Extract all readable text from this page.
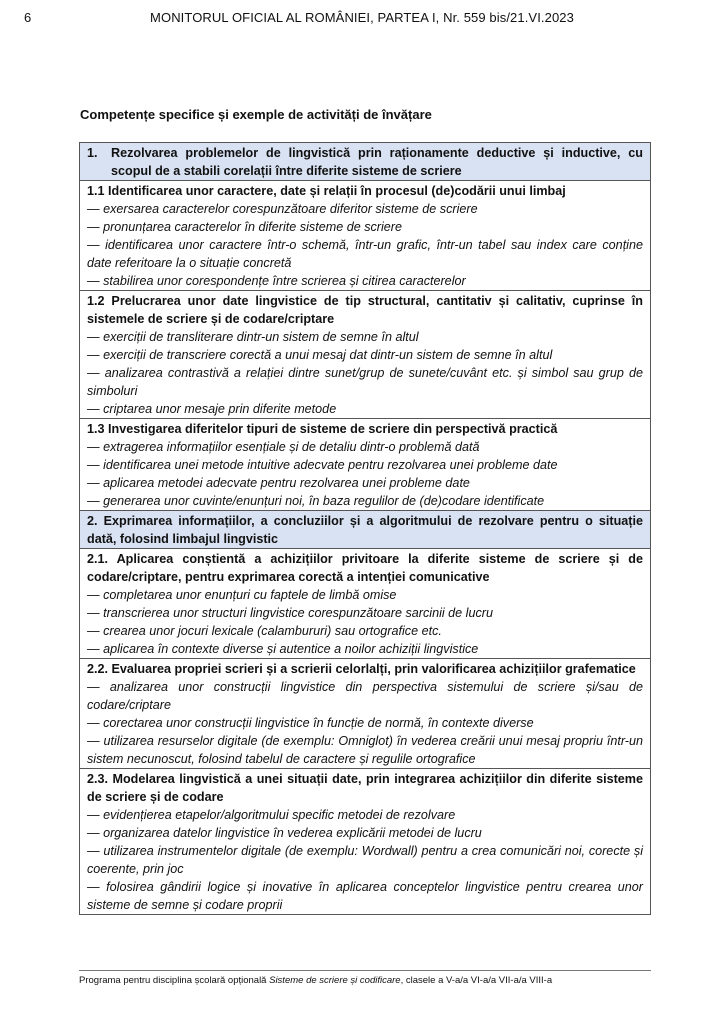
6	MONITORUL OFICIAL AL ROMÂNIEI, PARTEA I, Nr. 559 bis/21.VI.2023
Competențe specifice și exemple de activități de învățare
1.	Rezolvarea problemelor de lingvistică prin raționamente deductive și inductive, cu scopul de a stabili corelații între diferite sisteme de scriere
1.1 Identificarea unor caractere, date și relații în procesul (de)codării unui limbaj
— exersarea caracterelor corespunzătoare diferitor sisteme de scriere
— pronunțarea caracterelor în diferite sisteme de scriere
— identificarea unor caractere într-o schemă, într-un grafic, într-un tabel sau index care conține date referitoare la o situație concretă
— stabilirea unor corespondențe între scrierea și citirea caracterelor
1.2 Prelucrarea unor date lingvistice de tip structural, cantitativ și calitativ, cuprinse în sistemele de scriere și de codare/criptare
— exerciții de transliterare dintr-un sistem de semne în altul
— exerciții de transcriere corectă a unui mesaj dat dintr-un sistem de semne în altul
— analizarea contrastivă a relației dintre sunet/grup de sunete/cuvânt etc. și simbol sau grup de simboluri
— criptarea unor mesaje prin diferite metode
1.3 Investigarea diferitelor tipuri de sisteme de scriere din perspectivă practică
— extragerea informațiilor esențiale și de detaliu dintr-o problemă dată
— identificarea unei metode intuitive adecvate pentru rezolvarea unei probleme date
— aplicarea metodei adecvate pentru rezolvarea unei probleme date
— generarea unor cuvinte/enunțuri noi, în baza regulilor de (de)codare identificate
2. Exprimarea informațiilor, a concluziilor și a algoritmului de rezolvare pentru o situație dată, folosind limbajul lingvistic
2.1. Aplicarea conștientă a achizițiilor privitoare la diferite sisteme de scriere și de codare/criptare, pentru exprimarea corectă a intenției comunicative
— completarea unor enunțuri cu faptele de limbă omise
— transcrierea unor structuri lingvistice corespunzătoare sarcinii de lucru
— crearea unor jocuri lexicale (calambururi) sau ortografice etc.
— aplicarea în contexte diverse și autentice a noilor achiziții lingvistice
2.2. Evaluarea propriei scrieri și a scrierii celorlalți, prin valorificarea achizițiilor grafematice
— analizarea unor construcții lingvistice din perspectiva sistemului de scriere și/sau de codare/criptare
— corectarea unor construcții lingvistice în funcție de normă, în contexte diverse
— utilizarea resurselor digitale (de exemplu: Omniglot) în vederea creării unui mesaj propriu într-un sistem necunoscut, folosind tabelul de caractere și regulile ortografice
2.3. Modelarea lingvistică a unei situații date, prin integrarea achizițiilor din diferite sisteme de scriere și de codare
— evidențierea etapelor/algoritmului specific metodei de rezolvare
— organizarea datelor lingvistice în vederea explicării metodei de lucru
— utilizarea instrumentelor digitale (de exemplu: Wordwall) pentru a crea comunicări noi, corecte și coerente, prin joc
— folosirea gândirii logice și inovative în aplicarea conceptelor lingvistice pentru crearea unor sisteme de semne și codare proprii
Programa pentru disciplina școlară opțională Sisteme de scriere și codificare, clasele a V-a/a VI-a/a VII-a/a VIII-a
